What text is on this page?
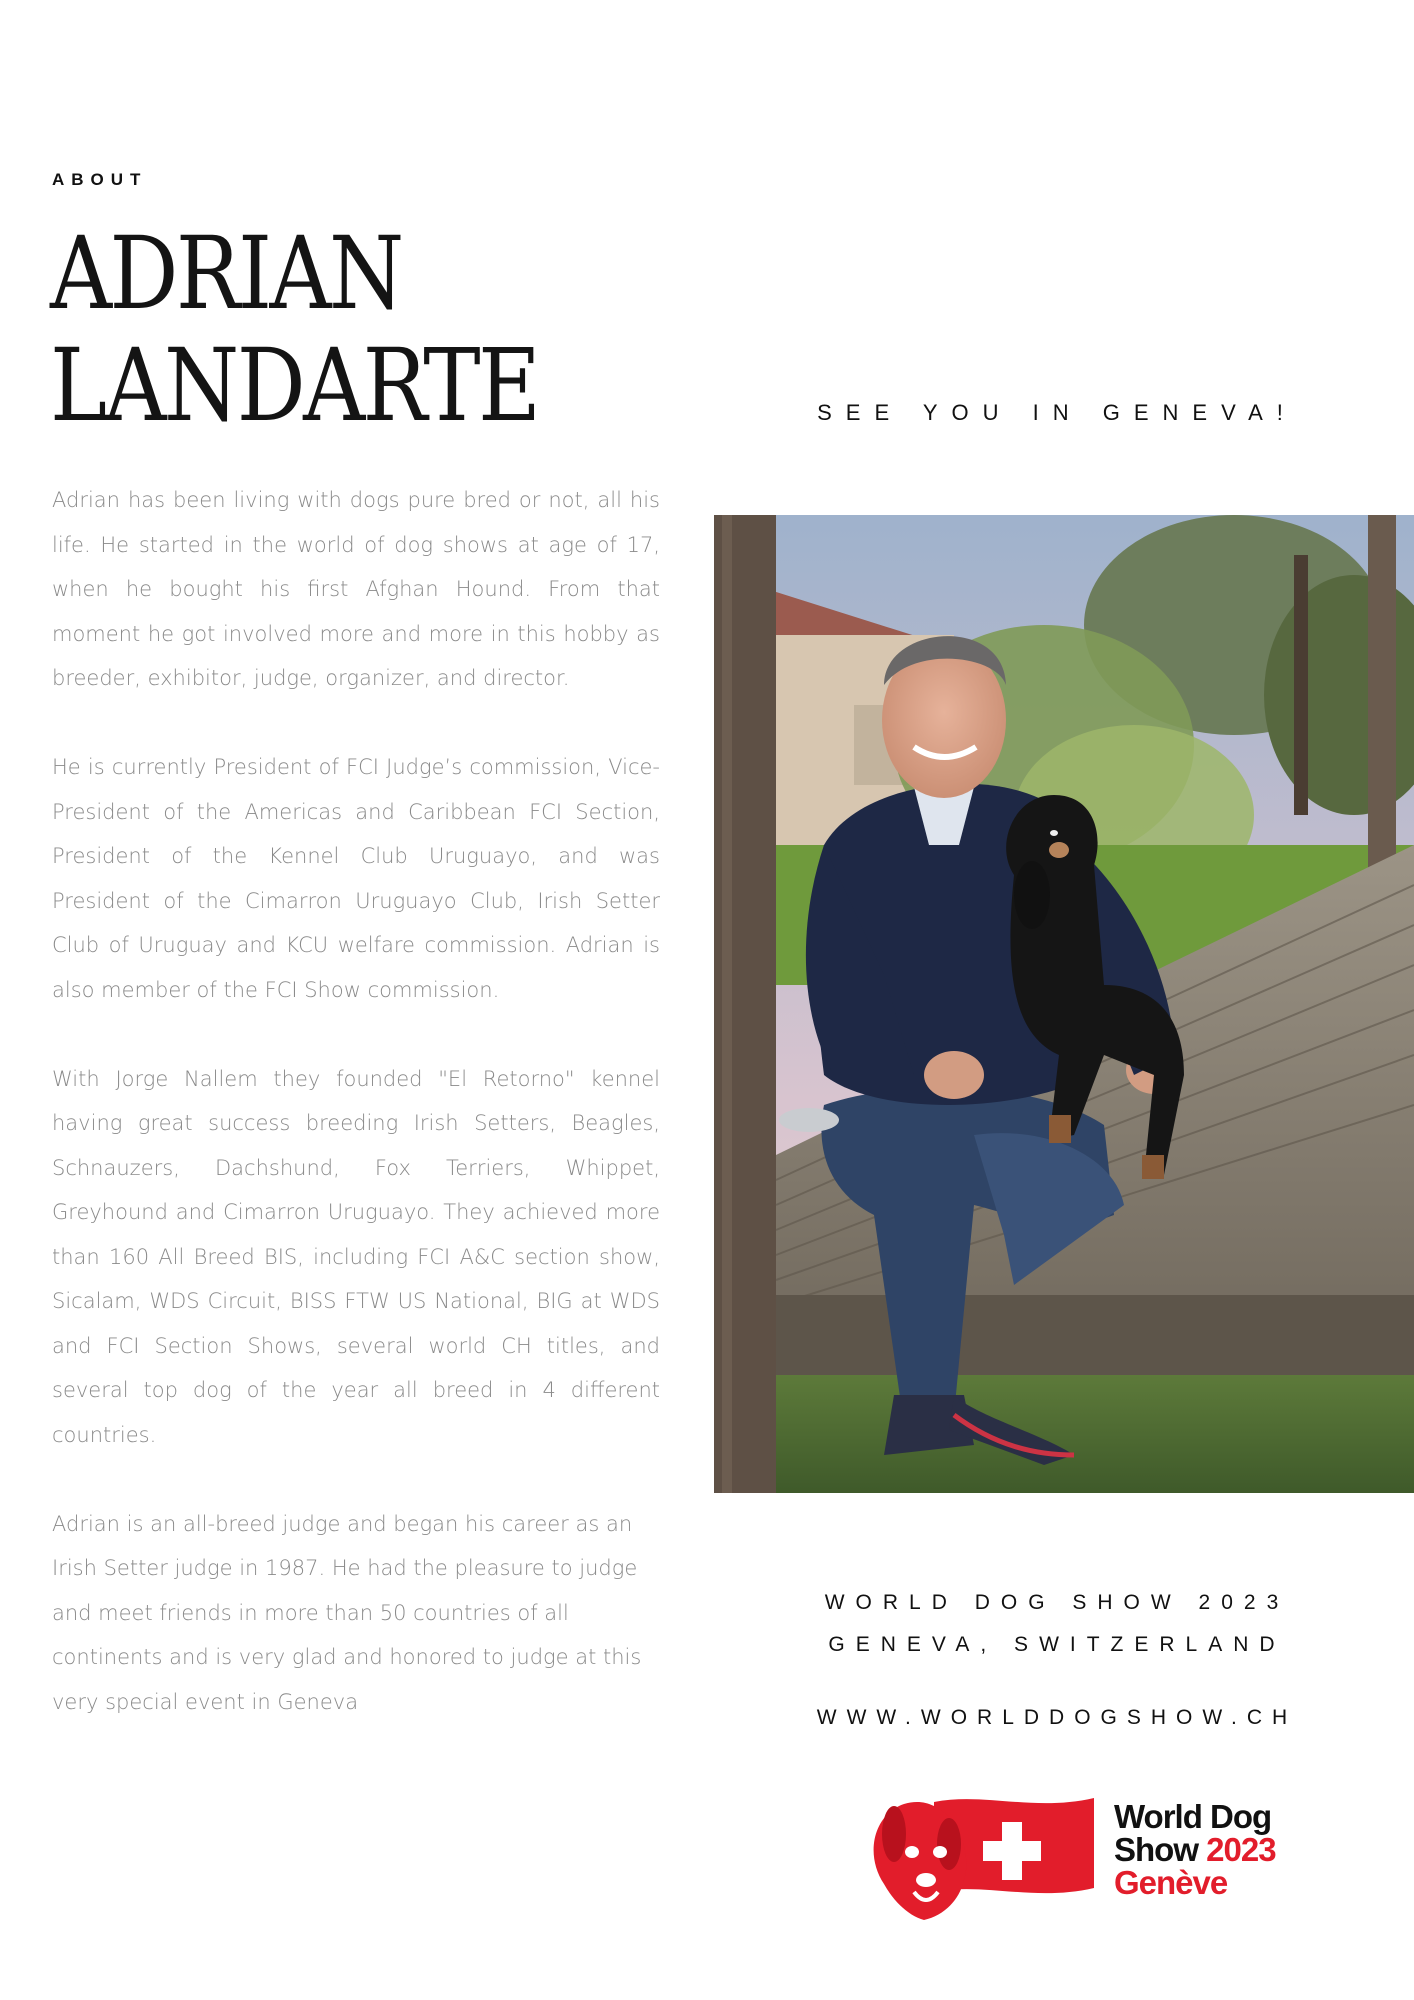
ABOUT
ADRIAN
LANDARTE	SEE YOU IN GENEVA!

Adrian has been living with dogs pure bred or not, all his life. He started in the world of dog shows at age of 17, when he bought his first Afghan Hound. From that moment he got involved more and more in this hobby as breeder, exhibitor, judge, organizer, and director.

He is currently President of FCI Judge’s commission, Vice-President of the Americas and Caribbean FCI Section, President of the Kennel Club Uruguayo, and was President of the Cimarron Uruguayo Club, Irish Setter Club of Uruguay and KCU welfare commission. Adrian is also member of the FCI Show commission.

With Jorge Nallem they founded "El Retorno" kennel having great success breeding Irish Setters, Beagles, Schnauzers, Dachshund, Fox Terriers, Whippet, Greyhound and Cimarron Uruguayo. They achieved more than 160 All Breed BIS, including FCI A&C section show, Sicalam, WDS Circuit, BISS FTW US National, BIG at WDS and FCI Section Shows, several world CH titles, and several top dog of the year all breed in 4 different countries.

Adrian is an all-breed judge and began his career as an Irish Setter judge in 1987. He had the pleasure to judge and meet friends in more than 50 countries of all continents and is very glad and honored to judge at this very special event in Geneva

WORLD DOG SHOW 2023
GENEVA, SWITZERLAND
WWW.WORLDDOGSHOW.CH
World Dog
Show 2023
Genève
